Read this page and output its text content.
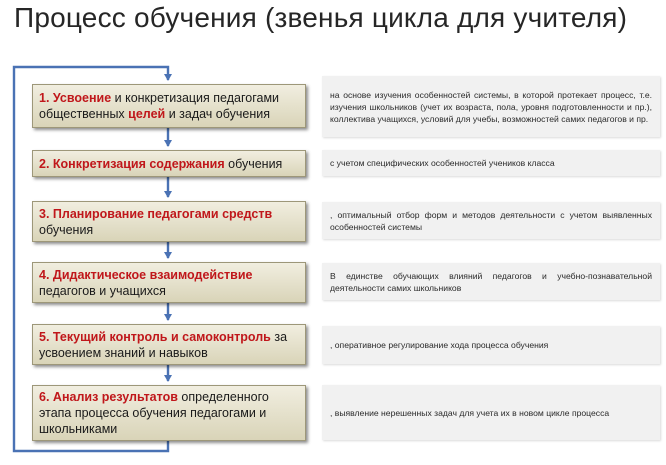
Процесс обучения (звенья цикла для учителя)
1. Усвоение и конкретизация педагогами общественных целей и задач обучения
на основе изучения особенностей системы, в которой протекает процесс, т.е. изучения школьников (учет их возраста, пола, уровня подготовленности и пр.), коллектива учащихся, условий для учебы, возможностей самих педагогов и пр.
2. Конкретизация содержания обучения	с учетом специфических особенностей учеников класса
3. Планирование педагогами средств обучения
, оптимальный отбор форм и методов деятельности с учетом выявленных особенностей системы
4. Дидактическое взаимодействие педагогов и учащихся
В единстве обучающих влияний педагогов и учебно-познавательной деятельности самих школьников
5. Текущий контроль и самоконтроль за усвоением знаний и навыков
, оперативное регулирование хода процесса обучения
6. Анализ результатов определенного этапа процесса обучения педагогами и школьниками
, выявление нерешенных задач для учета их в новом цикле процесса
